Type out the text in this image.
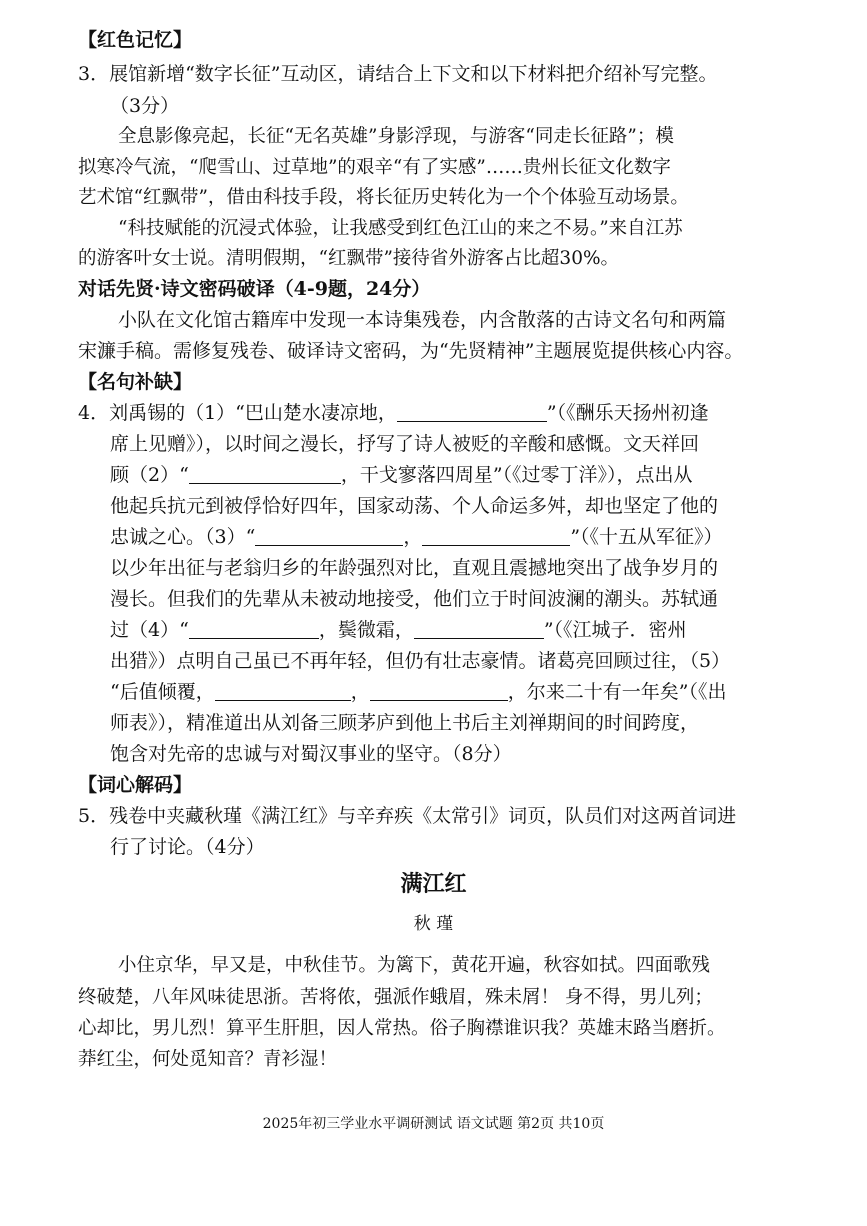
【红色记忆】
3．展馆新增“数字长征”互动区，请结合上下文和以下材料把介绍补写完整。
（3分）
全息影像亮起，长征“无名英雄”身影浮现，与游客“同走长征路”；模
拟寒冷气流，“爬雪山、过草地”的艰辛“有了实感”……贵州长征文化数字
艺术馆“红飘带”，借由科技手段，将长征历史转化为一个个体验互动场景。
“科技赋能的沉浸式体验，让我感受到红色江山的来之不易。”来自江苏
的游客叶女士说。清明假期，“红飘带”接待省外游客占比超30%。
对话先贤·诗文密码破译（4-9题，24分）
小队在文化馆古籍库中发现一本诗集残卷，内含散落的古诗文名句和两篇
宋濂手稿。需修复残卷、破译诗文密码，为“先贤精神”主题展览提供核心内容。
【名句补缺】
4．刘禹锡的（1）“巴山楚水凄凉地，	”（《酬乐天扬州初逢
席上见赠》），以时间之漫长，抒写了诗人被贬的辛酸和感慨。文天祥回
顾（2）“	，干戈寥落四周星”（《过零丁洋》），点出从
他起兵抗元到被俘恰好四年，国家动荡、个人命运多舛，却也坚定了他的
忠诚之心。（3）“	，	”（《十五从军征》）
以少年出征与老翁归乡的年龄强烈对比，直观且震撼地突出了战争岁月的
漫长。但我们的先辈从未被动地接受，他们立于时间波澜的潮头。苏轼通
过（4）“	，鬓微霜，	”（《江城子．密州
出猎》）点明自己虽已不再年轻，但仍有壮志豪情。诸葛亮回顾过往，（5）
“后值倾覆，	，	，尔来二十有一年矣”（《出
师表》），精准道出从刘备三顾茅庐到他上书后主刘禅期间的时间跨度，
饱含对先帝的忠诚与对蜀汉事业的坚守。（8分）
【词心解码】
5．残卷中夹藏秋瑾《满江红》与辛弃疾《太常引》词页，队员们对这两首词进
行了讨论。（4分）
满江红
秋 瑾
小住京华，早又是，中秋佳节。为篱下，黄花开遍，秋容如拭。四面歌残
终破楚，八年风味徒思浙。苦将侬，强派作蛾眉，殊未屑！ 身不得，男儿列；
心却比，男儿烈！算平生肝胆，因人常热。俗子胸襟谁识我？英雄末路当磨折。
莽红尘，何处觅知音？青衫湿！
2025年初三学业水平调研测试 语文试题 第2页 共10页
